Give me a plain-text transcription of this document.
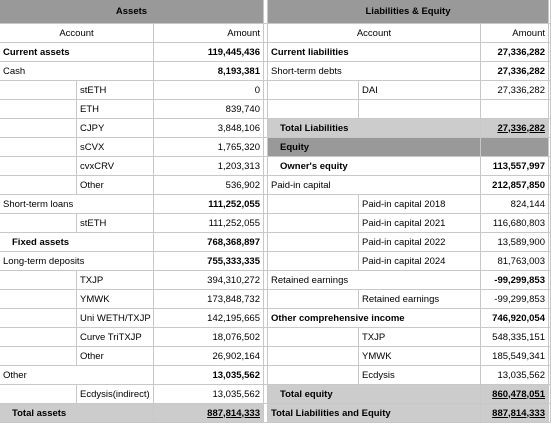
Assets	Liabilities & Equity
Account	Amount	Account	Amount
Current assets	119,445,436	Current liabilities	27,336,282
Cash	8,193,381	Short-term debts	27,336,282
stETH	0	DAI	27,336,282
ETH	839,740
CJPY	3,848,106	Total Liabilities	27,336,282
sCVX	1,765,320	Equity
cvxCRV	1,203,313	Owner's equity	113,557,997
Other	536,902	Paid-in capital	212,857,850
Short-term loans	111,252,055	Paid-in capital 2018	824,144
stETH	111,252,055	Paid-in capital 2021	116,680,803
Fixed assets	768,368,897	Paid-in capital 2022	13,589,900
Long-term deposits	755,333,335	Paid-in capital 2024	81,763,003
TXJP	394,310,272	Retained earnings	-99,299,853
YMWK	173,848,732	Retained earnings	-99,299,853
Uni WETH/TXJP	142,195,665	Other comprehensive income	746,920,054
Curve TriTXJP	18,076,502	TXJP	548,335,151
Other	26,902,164	YMWK	185,549,341
Other	13,035,562	Ecdysis	13,035,562
Ecdysis(indirect)	13,035,562	Total equity	860,478,051
Total assets	887,814,333	Total Liabilities and Equity	887,814,333
